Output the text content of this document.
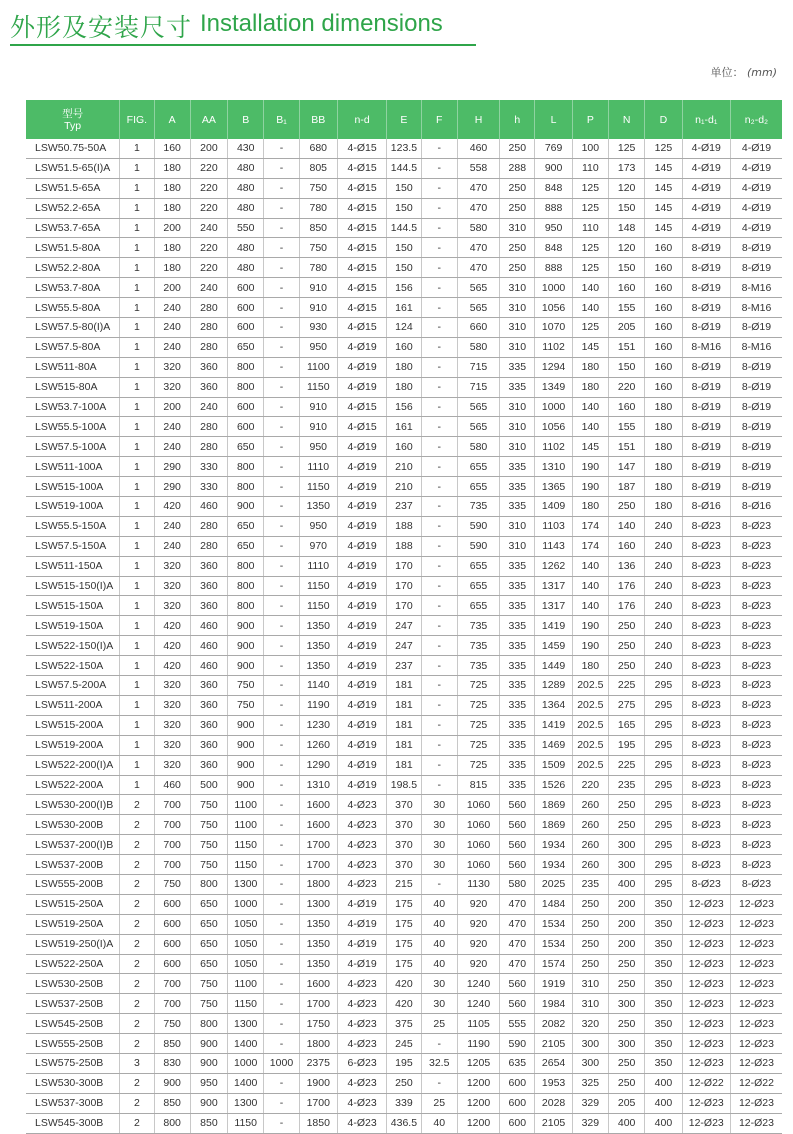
外形及安装尺寸 Installation dimensions
单位： (mm)
型号
Typ	FIG.	A	AA	B	B₁	BB	n-d	E	F	H	h	L	P	N	D	n₁-d₁	n₂-d₂
LSW50.75-50A	1	160	200	430	-	680	4-Ø15	123.5	-	460	250	769	100	125	125	4-Ø19	4-Ø19
LSW51.5-65(I)A	1	180	220	480	-	805	4-Ø15	144.5	-	558	288	900	110	173	145	4-Ø19	4-Ø19
LSW51.5-65A	1	180	220	480	-	750	4-Ø15	150	-	470	250	848	125	120	145	4-Ø19	4-Ø19
LSW52.2-65A	1	180	220	480	-	780	4-Ø15	150	-	470	250	888	125	150	145	4-Ø19	4-Ø19
LSW53.7-65A	1	200	240	550	-	850	4-Ø15	144.5	-	580	310	950	110	148	145	4-Ø19	4-Ø19
LSW51.5-80A	1	180	220	480	-	750	4-Ø15	150	-	470	250	848	125	120	160	8-Ø19	8-Ø19
LSW52.2-80A	1	180	220	480	-	780	4-Ø15	150	-	470	250	888	125	150	160	8-Ø19	8-Ø19
LSW53.7-80A	1	200	240	600	-	910	4-Ø15	156	-	565	310	1000	140	160	160	8-Ø19	8-M16
LSW55.5-80A	1	240	280	600	-	910	4-Ø15	161	-	565	310	1056	140	155	160	8-Ø19	8-M16
LSW57.5-80(I)A	1	240	280	600	-	930	4-Ø15	124	-	660	310	1070	125	205	160	8-Ø19	8-Ø19
LSW57.5-80A	1	240	280	650	-	950	4-Ø19	160	-	580	310	1102	145	151	160	8-M16	8-M16
LSW511-80A	1	320	360	800	-	1100	4-Ø19	180	-	715	335	1294	180	150	160	8-Ø19	8-Ø19
LSW515-80A	1	320	360	800	-	1150	4-Ø19	180	-	715	335	1349	180	220	160	8-Ø19	8-Ø19
LSW53.7-100A	1	200	240	600	-	910	4-Ø15	156	-	565	310	1000	140	160	180	8-Ø19	8-Ø19
LSW55.5-100A	1	240	280	600	-	910	4-Ø15	161	-	565	310	1056	140	155	180	8-Ø19	8-Ø19
LSW57.5-100A	1	240	280	650	-	950	4-Ø19	160	-	580	310	1102	145	151	180	8-Ø19	8-Ø19
LSW511-100A	1	290	330	800	-	1110	4-Ø19	210	-	655	335	1310	190	147	180	8-Ø19	8-Ø19
LSW515-100A	1	290	330	800	-	1150	4-Ø19	210	-	655	335	1365	190	187	180	8-Ø19	8-Ø19
LSW519-100A	1	420	460	900	-	1350	4-Ø19	237	-	735	335	1409	180	250	180	8-Ø16	8-Ø16
LSW55.5-150A	1	240	280	650	-	950	4-Ø19	188	-	590	310	1103	174	140	240	8-Ø23	8-Ø23
LSW57.5-150A	1	240	280	650	-	970	4-Ø19	188	-	590	310	1143	174	160	240	8-Ø23	8-Ø23
LSW511-150A	1	320	360	800	-	1110	4-Ø19	170	-	655	335	1262	140	136	240	8-Ø23	8-Ø23
LSW515-150(I)A	1	320	360	800	-	1150	4-Ø19	170	-	655	335	1317	140	176	240	8-Ø23	8-Ø23
LSW515-150A	1	320	360	800	-	1150	4-Ø19	170	-	655	335	1317	140	176	240	8-Ø23	8-Ø23
LSW519-150A	1	420	460	900	-	1350	4-Ø19	247	-	735	335	1419	190	250	240	8-Ø23	8-Ø23
LSW522-150(I)A	1	420	460	900	-	1350	4-Ø19	247	-	735	335	1459	190	250	240	8-Ø23	8-Ø23
LSW522-150A	1	420	460	900	-	1350	4-Ø19	237	-	735	335	1449	180	250	240	8-Ø23	8-Ø23
LSW57.5-200A	1	320	360	750	-	1140	4-Ø19	181	-	725	335	1289	202.5	225	295	8-Ø23	8-Ø23
LSW511-200A	1	320	360	750	-	1190	4-Ø19	181	-	725	335	1364	202.5	275	295	8-Ø23	8-Ø23
LSW515-200A	1	320	360	900	-	1230	4-Ø19	181	-	725	335	1419	202.5	165	295	8-Ø23	8-Ø23
LSW519-200A	1	320	360	900	-	1260	4-Ø19	181	-	725	335	1469	202.5	195	295	8-Ø23	8-Ø23
LSW522-200(I)A	1	320	360	900	-	1290	4-Ø19	181	-	725	335	1509	202.5	225	295	8-Ø23	8-Ø23
LSW522-200A	1	460	500	900	-	1310	4-Ø19	198.5	-	815	335	1526	220	235	295	8-Ø23	8-Ø23
LSW530-200(I)B	2	700	750	1100	-	1600	4-Ø23	370	30	1060	560	1869	260	250	295	8-Ø23	8-Ø23
LSW530-200B	2	700	750	1100	-	1600	4-Ø23	370	30	1060	560	1869	260	250	295	8-Ø23	8-Ø23
LSW537-200(I)B	2	700	750	1150	-	1700	4-Ø23	370	30	1060	560	1934	260	300	295	8-Ø23	8-Ø23
LSW537-200B	2	700	750	1150	-	1700	4-Ø23	370	30	1060	560	1934	260	300	295	8-Ø23	8-Ø23
LSW555-200B	2	750	800	1300	-	1800	4-Ø23	215	-	1130	580	2025	235	400	295	8-Ø23	8-Ø23
LSW515-250A	2	600	650	1000	-	1300	4-Ø19	175	40	920	470	1484	250	200	350	12-Ø23	12-Ø23
LSW519-250A	2	600	650	1050	-	1350	4-Ø19	175	40	920	470	1534	250	200	350	12-Ø23	12-Ø23
LSW519-250(I)A	2	600	650	1050	-	1350	4-Ø19	175	40	920	470	1534	250	200	350	12-Ø23	12-Ø23
LSW522-250A	2	600	650	1050	-	1350	4-Ø19	175	40	920	470	1574	250	250	350	12-Ø23	12-Ø23
LSW530-250B	2	700	750	1100	-	1600	4-Ø23	420	30	1240	560	1919	310	250	350	12-Ø23	12-Ø23
LSW537-250B	2	700	750	1150	-	1700	4-Ø23	420	30	1240	560	1984	310	300	350	12-Ø23	12-Ø23
LSW545-250B	2	750	800	1300	-	1750	4-Ø23	375	25	1105	555	2082	320	250	350	12-Ø23	12-Ø23
LSW555-250B	2	850	900	1400	-	1800	4-Ø23	245	-	1190	590	2105	300	300	350	12-Ø23	12-Ø23
LSW575-250B	3	830	900	1000	1000	2375	6-Ø23	195	32.5	1205	635	2654	300	250	350	12-Ø23	12-Ø23
LSW530-300B	2	900	950	1400	-	1900	4-Ø23	250	-	1200	600	1953	325	250	400	12-Ø22	12-Ø22
LSW537-300B	2	850	900	1300	-	1700	4-Ø23	339	25	1200	600	2028	329	205	400	12-Ø23	12-Ø23
LSW545-300B	2	800	850	1150	-	1850	4-Ø23	436.5	40	1200	600	2105	329	400	400	12-Ø23	12-Ø23
